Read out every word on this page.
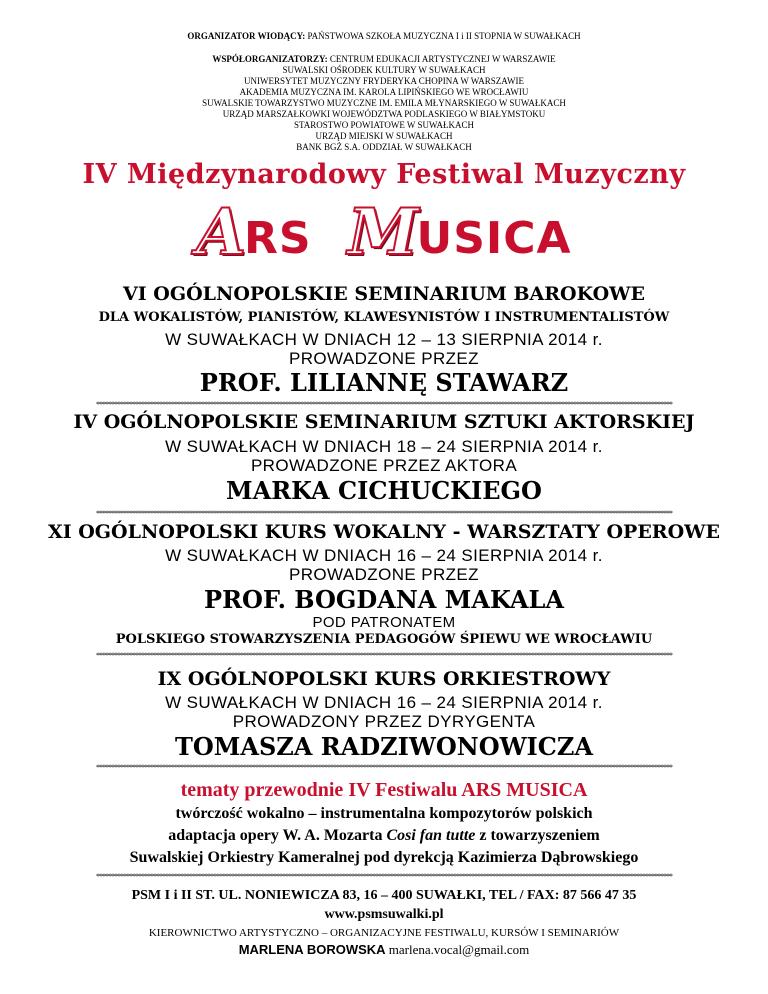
ORGANIZATOR WIODĄCY: PAŃSTWOWA SZKOŁA MUZYCZNA I i II STOPNIA W SUWAŁKACH
WSPÓŁORGANIZATORZY: CENTRUM EDUKACJI ARTYSTYCZNEJ W WARSZAWIE
SUWALSKI OŚRODEK KULTURY W SUWAŁKACH
UNIWERSYTET MUZYCZNY FRYDERYKA CHOPINA W WARSZAWIE
AKADEMIA MUZYCZNA IM. KAROLA LIPIŃSKIEGO WE WROCŁAWIU
SUWALSKIE TOWARZYSTWO MUZYCZNE IM. EMILA MŁYNARSKIEGO W SUWAŁKACH
URZĄD MARSZAŁKOWKI WOJEWÓDZTWA PODLASKIEGO W BIAŁYMSTOKU
STAROSTWO POWIATOWE W SUWAŁKACH
URZĄD MIEJSKI W SUWAŁKACH
BANK BGŻ S.A. ODDZIAŁ W SUWAŁKACH
IV Międzynarodowy Festiwal Muzyczny
A
RS M
USICA
VI OGÓLNOPOLSKIE SEMINARIUM BAROKOWE
DLA WOKALISTÓW, PIANISTÓW, KLAWESYNISTÓW I INSTRUMENTALISTÓW
W SUWAŁKACH W DNIACH 12 – 13 SIERPNIA 2014 r.
PROWADZONE PRZEZ
PROF. LILIANNĘ STAWARZ
************************************************************************************************************************************************************************************************
IV OGÓLNOPOLSKIE SEMINARIUM SZTUKI AKTORSKIEJ
W SUWAŁKACH W DNIACH 18 – 24 SIERPNIA 2014 r.
PROWADZONE PRZEZ AKTORA
MARKA CICHUCKIEGO
************************************************************************************************************************************************************************************************
XI OGÓLNOPOLSKI KURS WOKALNY - WARSZTATY OPEROWE
W SUWAŁKACH W DNIACH 16 – 24 SIERPNIA 2014 r.
PROWADZONE PRZEZ
PROF. BOGDANA MAKALA
POD PATRONATEM
POLSKIEGO STOWARZYSZENIA PEDAGOGÓW ŚPIEWU WE WROCŁAWIU
************************************************************************************************************************************************************************************************
IX OGÓLNOPOLSKI KURS ORKIESTROWY
W SUWAŁKACH W DNIACH 16 – 24 SIERPNIA 2014 r.
PROWADZONY PRZEZ DYRYGENTA
TOMASZA RADZIWONOWICZA
************************************************************************************************************************************************************************************************
tematy przewodnie IV Festiwalu ARS MUSICA
twórczość wokalno – instrumentalna kompozytorów polskich
adaptacja opery W. A. Mozarta Cosi fan tutte z towarzyszeniem
Suwalskiej Orkiestry Kameralnej pod dyrekcją Kazimierza Dąbrowskiego
************************************************************************************************************************************************************************************************
PSM I i II ST. UL. NONIEWICZA 83, 16 – 400 SUWAŁKI, TEL / FAX: 87 566 47 35
www.psmsuwalki.pl
KIEROWNICTWO ARTYSTYCZNO – ORGANIZACYJNE FESTIWALU, KURSÓW I SEMINARIÓW
MARLENA BOROWSKA marlena.vocal@gmail.com
